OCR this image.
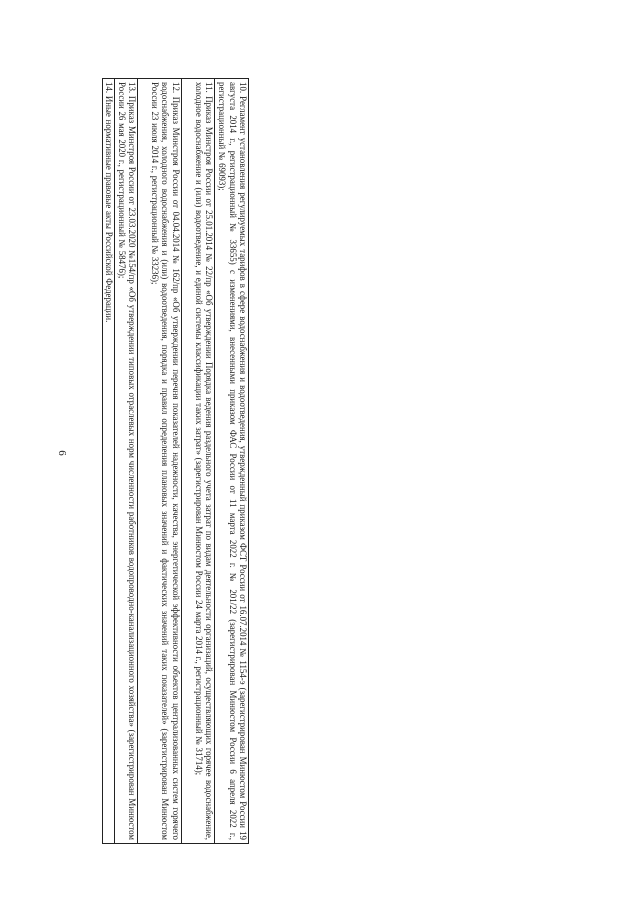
6	10. Регламент установления регулируемых тарифов в сфере водоснабжения и водоотведения, утвержденный приказом ФСТ России от 16.07.2014 № 1154-э (зарегистрирован Минюстом России 19 августа 2014 г., регистрационный № 33655) с изменениями, внесенными приказом ФАС России от 11 марта 2022 г. № 201/22 (зарегистрирован Минюстом России 6 апреля 2022 г., регистрационный № 69093);
11. Приказ Минстроя России от 25.01.2014 № 22/пр «Об утверждении Порядка ведения раздельного учета затрат по видам деятельности организаций, осуществляющих горячее водоснабжение, холодное водоснабжение и (или) водоотведение, и единой системы классификации таких затрат» (зарегистрирован Минюстом России 24 марта 2014 г., регистрационный № 31714);
12. Приказ Минстроя России от 04.04.2014 № 162/пр «Об утверждении перечня показателей надежности, качества, энергетической эффективности объектов централизованных систем горячего водоснабжения, холодного водоснабжения и (или) водоотведения, порядка и правил определения плановых значений и фактических значений таких показателей» (зарегистрирован Минюстом России 23 июля 2014 г., регистрационный № 33236);
13. Приказ Минстроя России от 23.03.2020 №154/пр «Об утверждении типовых отраслевых норм численности работников водопроводно-канализационного хозяйства» (зарегистрирован Минюстом России 26 мая 2020 г., регистрационный № 58476);
14. Иные нормативные правовые акты Российской Федерации.
